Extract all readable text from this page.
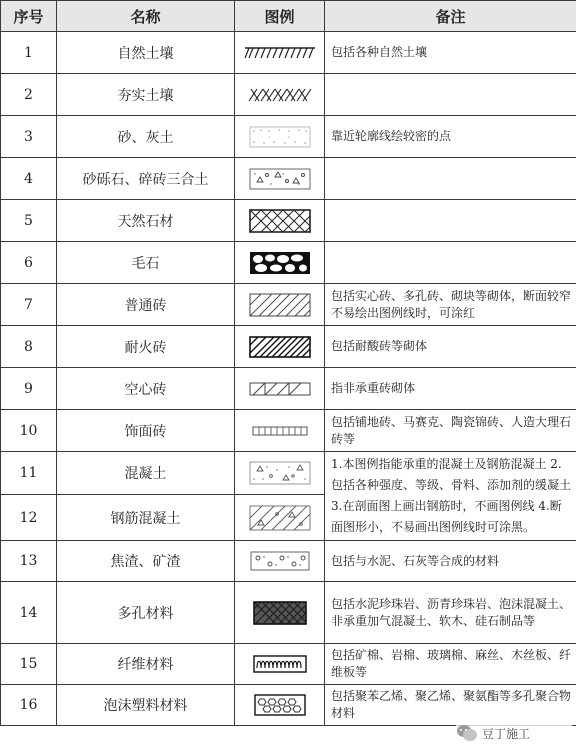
序号	名称	图例	备注
1	自然土壤		包括各种自然土壤
2	夯实土壤	

3	砂、灰土		靠近轮廓线绘较密的点
4	砂砾石、碎砖三合土	

5	天然石材	

6	毛石	

7	普通砖		包括实心砖、多孔砖、砌块等砌体，断面较窄不易绘出图例线时，可涂红
8	耐火砖		包括耐酸砖等砌体
9	空心砖		指非承重砖砌体
10	饰面砖		包括铺地砖、马赛克、陶瓷锦砖、人造大理石砖等
11	混凝土		1.本图例指能承重的混凝土及钢筋混凝土 2.包括各种强度、等级、骨料、添加剂的缓凝土 3.在剖面图上画出钢筋时，不画图例线 4.断面图形小，不易画出图例线时可涂黑。
12	钢筋混凝土	

13	焦渣、矿渣		包括与水泥、石灰等合成的材料
14	多孔材料		包括水泥珍珠岩、沥青珍珠岩、泡沫混凝土、非承重加气混凝土、软木、硅石制品等
15	纤维材料		包括矿棉、岩棉、玻璃棉、麻丝、木丝板、纤维板等
16	泡沫塑料材料		包括聚苯乙烯、聚乙烯、聚氨酯等多孔聚合物材料
豆丁施工
